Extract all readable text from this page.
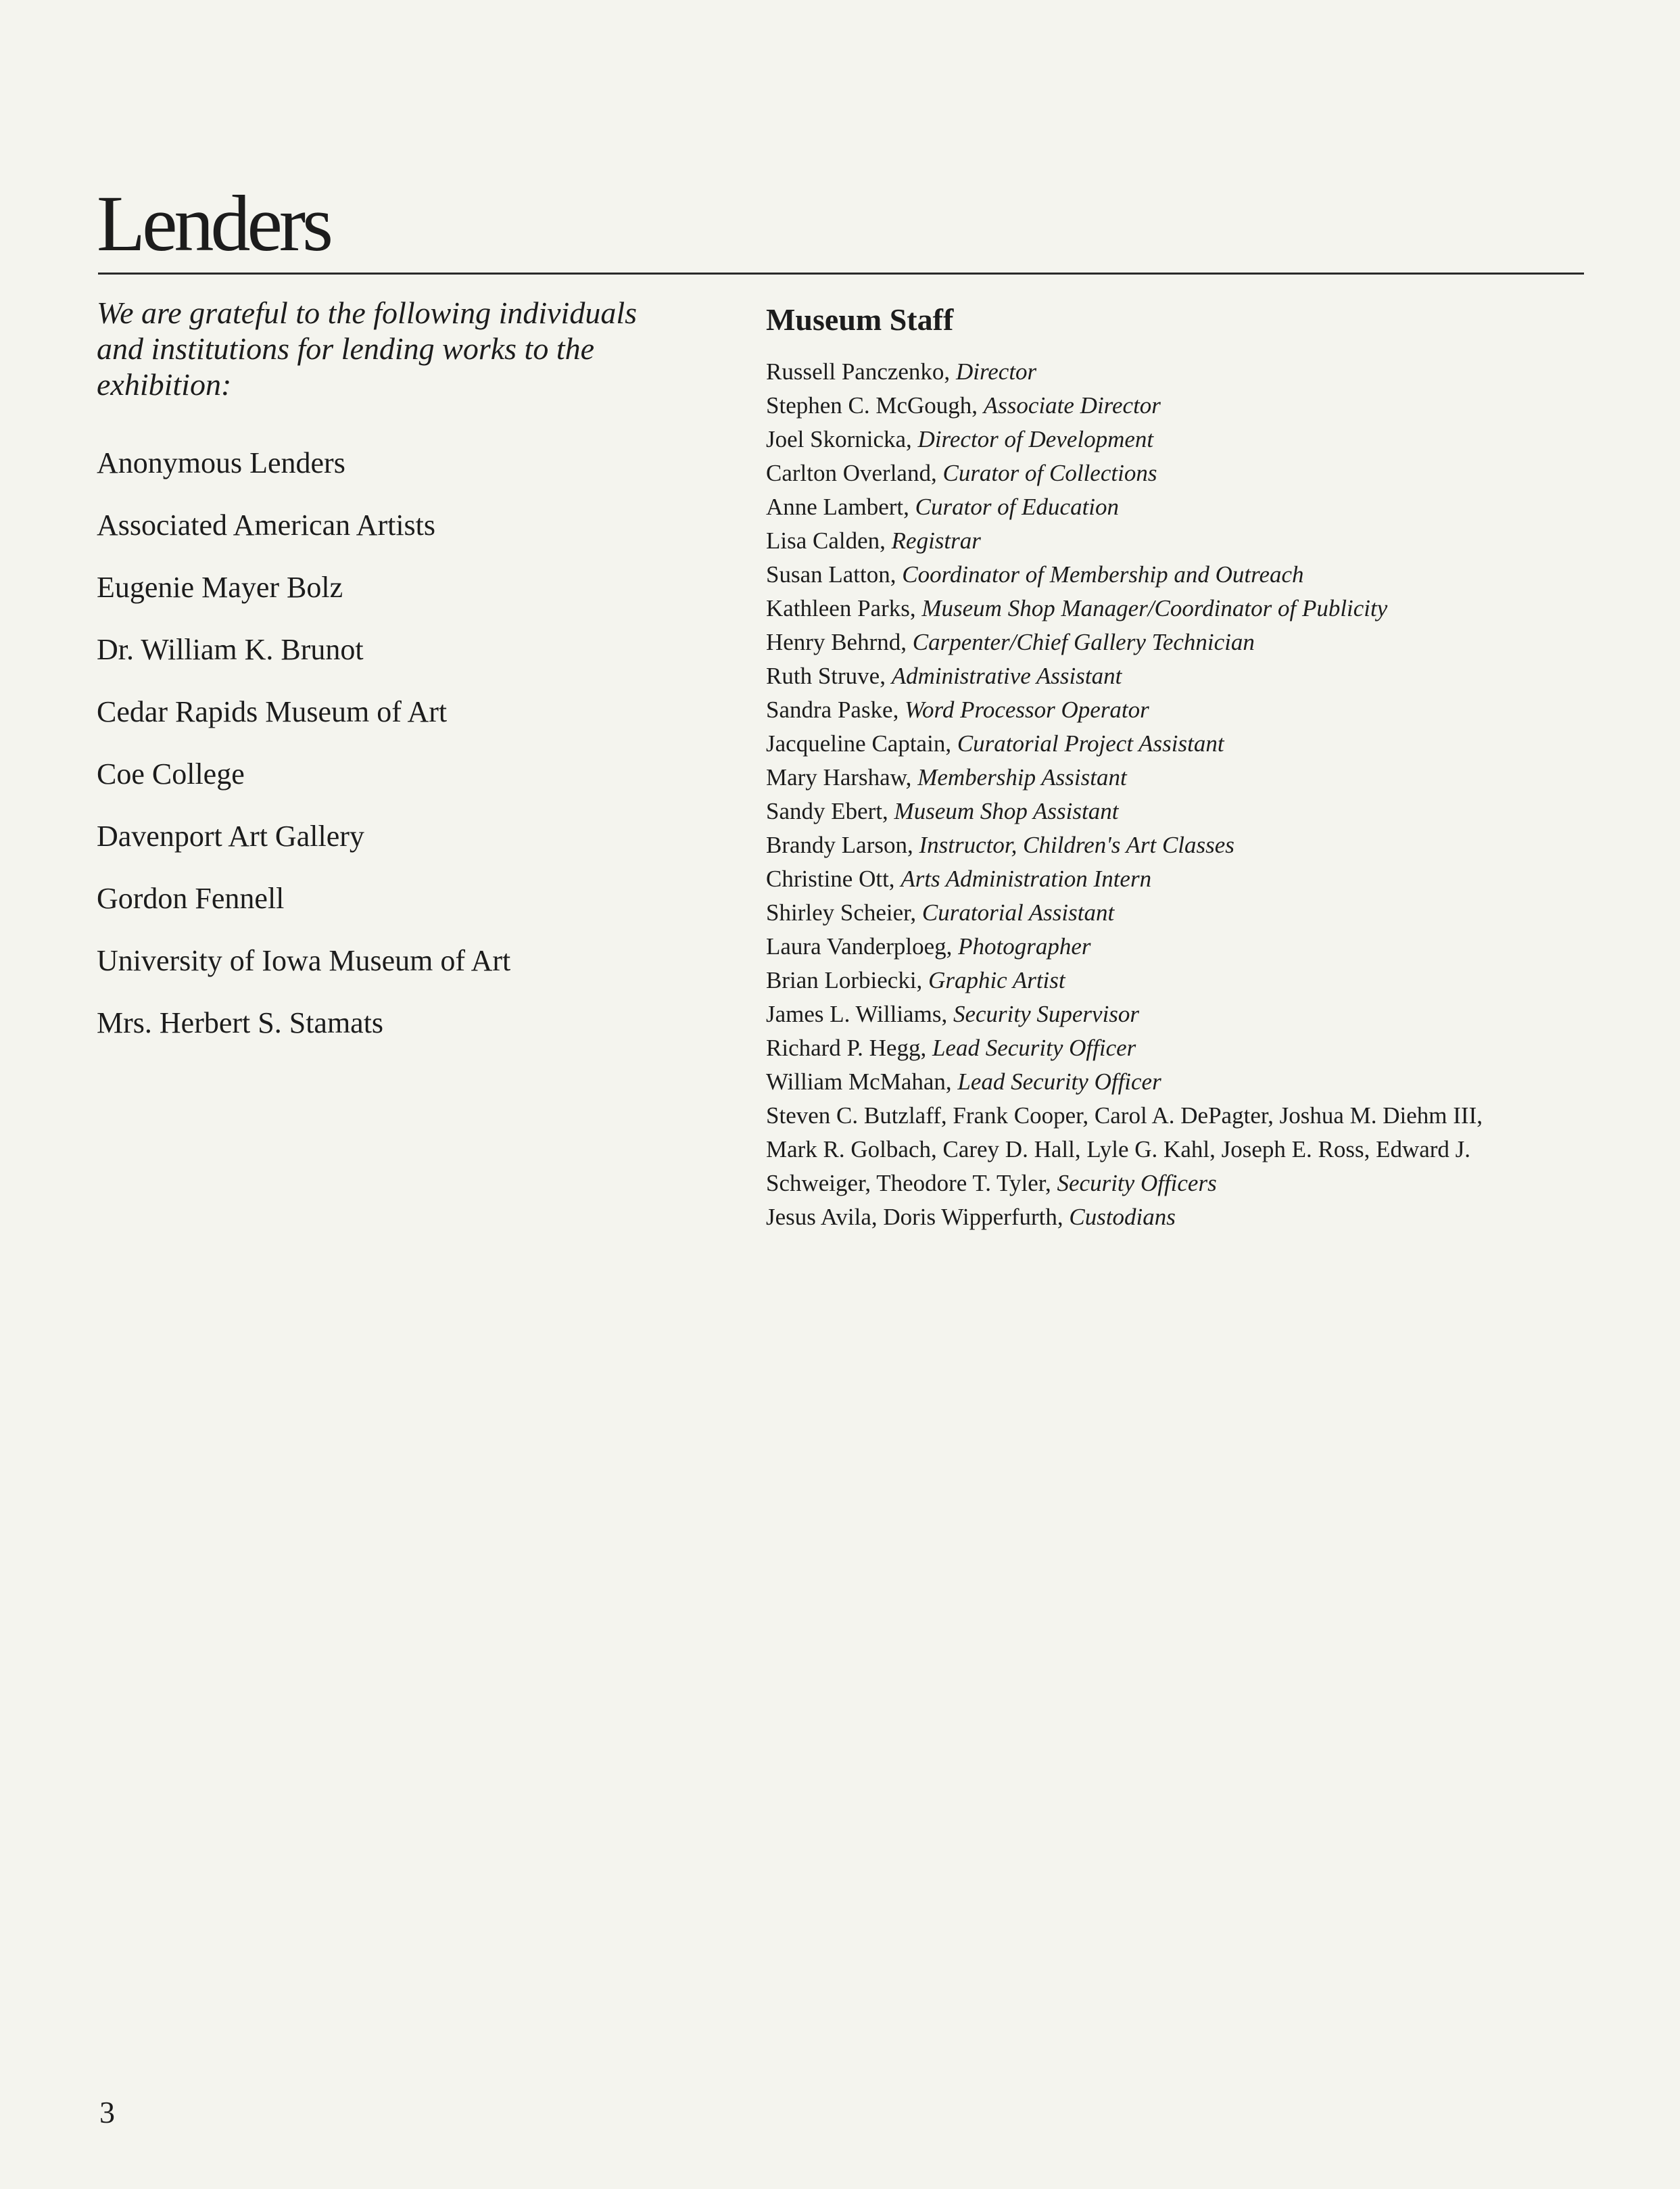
Lenders

We are grateful to the following individuals and institutions for lending works to the exhibition:

Anonymous Lenders
Associated American Artists
Eugenie Mayer Bolz
Dr. William K. Brunot
Cedar Rapids Museum of Art
Coe College
Davenport Art Gallery
Gordon Fennell
University of Iowa Museum of Art
Mrs. Herbert S. Stamats
Museum Staff
Russell Panczenko, Director
Stephen C. McGough, Associate Director
Joel Skornicka, Director of Development
Carlton Overland, Curator of Collections
Anne Lambert, Curator of Education
Lisa Calden, Registrar
Susan Latton, Coordinator of Membership and Outreach
Kathleen Parks, Museum Shop Manager/Coordinator of Publicity
Henry Behrnd, Carpenter/Chief Gallery Technician
Ruth Struve, Administrative Assistant
Sandra Paske, Word Processor Operator
Jacqueline Captain, Curatorial Project Assistant
Mary Harshaw, Membership Assistant
Sandy Ebert, Museum Shop Assistant
Brandy Larson, Instructor, Children's Art Classes
Christine Ott, Arts Administration Intern
Shirley Scheier, Curatorial Assistant
Laura Vanderploeg, Photographer
Brian Lorbiecki, Graphic Artist
James L. Williams, Security Supervisor
Richard P. Hegg, Lead Security Officer
William McMahan, Lead Security Officer
Steven C. Butzlaff, Frank Cooper, Carol A. DePagter, Joshua M. Diehm III, Mark R. Golbach, Carey D. Hall, Lyle G. Kahl, Joseph E. Ross, Edward J. Schweiger, Theodore T. Tyler, Security Officers
Jesus Avila, Doris Wipperfurth, Custodians
3
